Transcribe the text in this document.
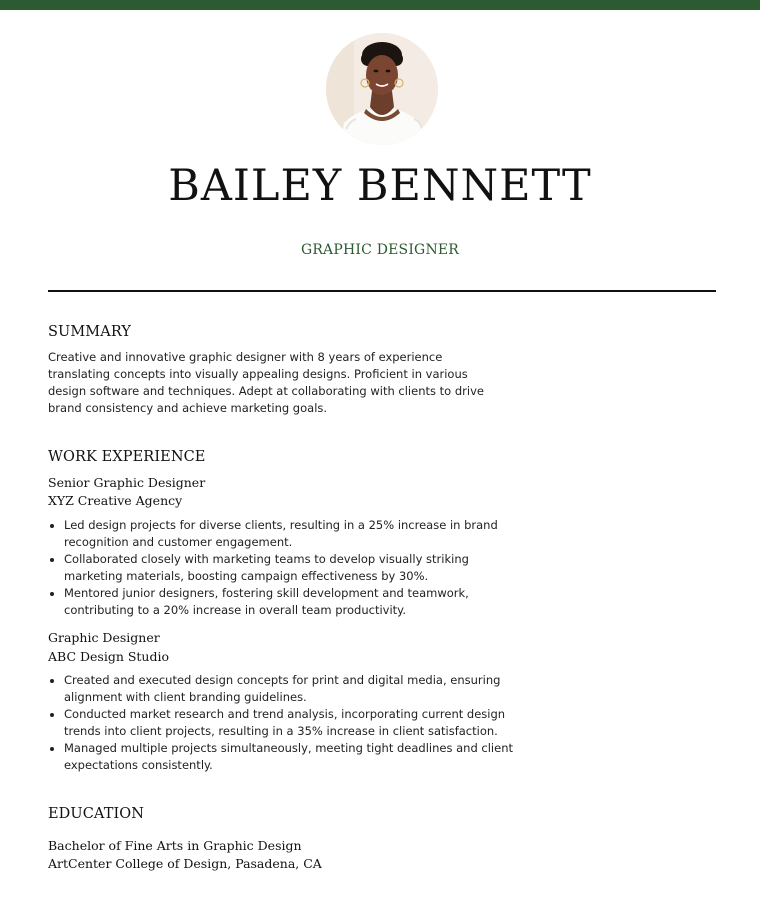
BAILEY BENNETT
GRAPHIC DESIGNER
SUMMARY

Creative and innovative graphic designer with 8 years of experience translating concepts into visually appealing designs. Proficient in various design software and techniques. Adept at collaborating with clients to drive brand consistency and achieve marketing goals.

WORK EXPERIENCE
Senior Graphic Designer
XYZ Creative Agency
• Led design projects for diverse clients, resulting in a 25% increase in brand recognition and customer engagement.
• Collaborated closely with marketing teams to develop visually striking marketing materials, boosting campaign effectiveness by 30%.
• Mentored junior designers, fostering skill development and teamwork, contributing to a 20% increase in overall team productivity.
Graphic Designer
ABC Design Studio
• Created and executed design concepts for print and digital media, ensuring alignment with client branding guidelines.
• Conducted market research and trend analysis, incorporating current design trends into client projects, resulting in a 35% increase in client satisfaction.
• Managed multiple projects simultaneously, meeting tight deadlines and client expectations consistently.
EDUCATION
Bachelor of Fine Arts in Graphic Design
ArtCenter College of Design, Pasadena, CA
